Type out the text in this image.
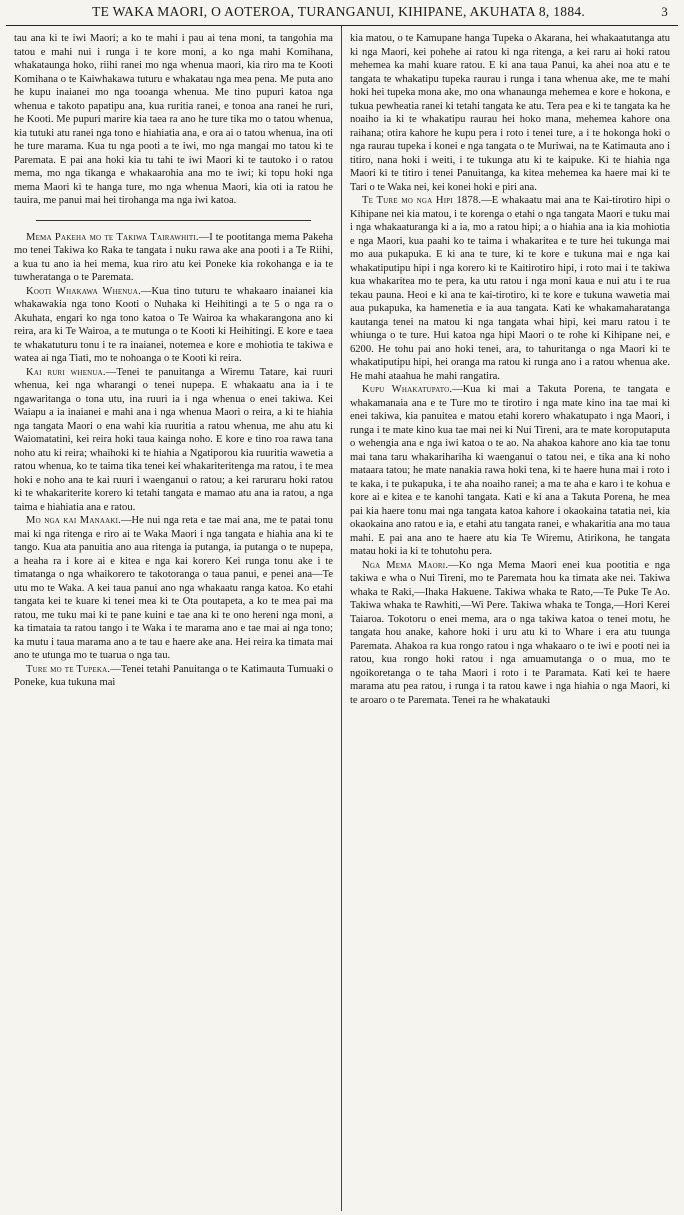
TE WAKA MAORI, O AOTEROA, TURANGANUI, KIHIPANE, AKUHATA 8, 1884.	3

tau ana ki te iwi Maori; a ko te mahi i pau ai tena moni, ta tangohia ma tatou e mahi nui i runga i te kore moni, a ko nga mahi Komihana, whakataunga hoko, riihi ranei mo nga whenua maori, kia riro ma te Kooti Komihana o te Kaiwhakawa tuturu e whakatau nga mea pena. Me puta ano he kupu inaianei mo nga tooanga whenua. Me tino pupuri katoa nga whenua e takoto papatipu ana, kua ruritia ranei, e tonoa ana ranei he ruri, he Kooti. Me pupuri marire kia taea ra ano he ture tika mo o tatou whenua, kia tutuki atu ranei nga tono e hiahiatia ana, e ora ai o tatou whenua, ina oti he ture marama. Kua tu nga pooti a te iwi, mo nga mangai mo tatou ki te Paremata. E pai ana hoki kia tu tahi te iwi Maori ki te tautoko i o ratou mema, mo nga tikanga e whakaarohia ana mo te iwi; ki topu hoki nga mema Maori ki te hanga ture, mo nga whenua Maori, kia oti ia ratou he tauira, me panui mai hei tirohanga ma nga iwi katoa.

Mema Pakeha mo te Takiwa Tairawhiti.—I te pootitanga mema Pakeha mo tenei Takiwa ko Raka te tangata i nuku rawa ake ana pooti i a Te Riihi, a kua tu ano ia hei mema, kua riro atu kei Poneke kia rokohanga e ia te tuwheratanga o te Paremata.

Kooti Whakawa Whenua.—Kua tino tuturu te whakaaro inaianei kia whakawakia nga tono Kooti o Nuhaka ki Heihitingi a te 5 o nga ra o Akuhata, engari ko nga tono katoa o Te Wairoa ka whakarangona ano ki reira, ara ki Te Wairoa, a te mutunga o te Kooti ki Heihitingi. E kore e taea te whakatuturu tonu i te ra inaianei, notemea e kore e mohiotia te takiwa e watea ai nga Tiati, mo te nohoanga o te Kooti ki reira.

Kai ruri whenua.—Tenei te panuitanga a Wiremu Tatare, kai ruuri whenua, kei nga wharangi o tenei nupepa. E whakaatu ana ia i te ngawaritanga o tona utu, ina ruuri ia i nga whenua o enei takiwa. Kei Waiapu a ia inaianei e mahi ana i nga whenua Maori o reira, a ki te hiahia nga tangata Maori o ena wahi kia ruuritia a ratou whenua, me ahu atu ki Waiomatatini, kei reira hoki taua kainga noho. E kore e tino roa rawa tana noho atu ki reira; whaihoki ki te hiahia a Ngatiporou kia ruuritia wawetia a ratou whenua, ko te taima tika tenei kei whakariteritenga ma ratou, i te mea hoki e noho ana te kai ruuri i waenganui o ratou; a kei raruraru hoki ratou ki te whakariterite korero ki tetahi tangata e mamao atu ana ia ratou, a nga taima e hiahiatia ana e ratou.

Mo nga kai Manaaki.—He nui nga reta e tae mai ana, me te patai tonu mai ki nga ritenga e riro ai te Waka Maori i nga tangata e hiahia ana ki te tango. Kua ata panuitia ano aua ritenga ia putanga, ia putanga o te nupepa, a heaha ra i kore ai e kitea e nga kai korero Kei runga tonu ake i te timatanga o nga whaikorero te takotoranga o taua panui, e penei ana—Te utu mo te Waka. A kei taua panui ano nga whakaatu ranga katoa. Ko etahi tangata kei te kuare ki tenei mea ki te Ota poutapeta, a ko te mea pai ma ratou, me tuku mai ki te pane kuini e tae ana ki te ono hereni nga moni, a ka timataia ta ratou tango i te Waka i te marama ano e tae mai ai nga tono; ka mutu i taua marama ano a te tau e haere ake ana. Hei reira ka timata mai ano te utunga mo te tuarua o nga tau.

Ture mo te Tupeka.—Tenei tetahi Panuitanga o te Katimauta Tumuaki o Poneke, kua tukuna mai

kia matou, o te Kamupane hanga Tupeka o Akarana, hei whakaatutanga atu ki nga Maori, kei pohehe ai ratou ki nga ritenga, a kei raru ai hoki ratou mehemea ka mahi kuare ratou. E ki ana taua Panui, ka ahei noa atu e te tangata te whakatipu tupeka raurau i runga i tana whenua ake, me te mahi hoki hei tupeka mona ake, mo ona whanaunga mehemea e kore e hokona, e tukua pewheatia ranei ki tetahi tangata ke atu. Tera pea e ki te tangata ka he noaiho ia ki te whakatipu raurau hei hoko mana, mehemea kahore ona raihana; otira kahore he kupu pera i roto i tenei ture, a i te hokonga hoki o nga raurau tupeka i konei e nga tangata o te Muriwai, na te Katimauta ano i titiro, nana hoki i weiti, i te tukunga atu ki te kaipuke. Ki te hiahia nga Maori ki te titiro i tenei Panuitanga, ka kitea mehemea ka haere mai ki te Tari o te Waka nei, kei konei hoki e piri ana.

Te Ture mo nga Hipi 1878.—E whakaatu mai ana te Kai-tirotiro hipi o Kihipane nei kia matou, i te korenga o etahi o nga tangata Maori e tuku mai i nga whakaaturanga ki a ia, mo a ratou hipi; a o hiahia ana ia kia mohiotia e nga Maori, kua paahi ko te taima i whakaritea e te ture hei tukunga mai mo aua pukapuka. E ki ana te ture, ki te kore e tukuna mai e nga kai whakatiputipu hipi i nga korero ki te Kaitirotiro hipi, i roto mai i te takiwa kua whakaritea mo te pera, ka utu ratou i nga moni kaua e nui atu i te rua tekau pauna. Heoi e ki ana te kai-tirotiro, ki te kore e tukuna wawetia mai aua pukapuka, ka hamenetia e ia aua tangata. Kati ke whakamaharatanga kautanga tenei na matou ki nga tangata whai hipi, kei maru ratou i te whiunga o te ture. Hui katoa nga hipi Maori o te rohe ki Kihipane nei, e 6200. He tohu pai ano hoki tenei, ara, to tahuritanga o nga Maori ki te whakatiputipu hipi, hei oranga ma ratou ki runga ano i a ratou whenua ake. He mahi ataahua he mahi rangatira.

Kupu Whakatupato.—Kua ki mai a Takuta Porena, te tangata e whakamanaia ana e te Ture mo te tirotiro i nga mate kino ina tae mai ki enei takiwa, kia panuitea e matou etahi korero whakatupato i nga Maori, i runga i te mate kino kua tae mai nei ki Nui Tireni, ara te mate koroputaputa o wehengia ana e nga iwi katoa o te ao. Na ahakoa kahore ano kia tae tonu mai tana taru whakarihariha ki waenganui o tatou nei, e tika ana ki noho mataara tatou; he mate nanakia rawa hoki tena, ki te haere huna mai i roto i te kaka, i te pukapuka, i te aha noaiho ranei; a ma te aha e karo i te kohua e kore ai e kitea e te kanohi tangata. Kati e ki ana a Takuta Porena, he mea pai kia haere tonu mai nga tangata katoa kahore i okaokaina tatatia nei, kia okaokaina ano ratou e ia, e etahi atu tangata ranei, e whakaritia ana mo taua mahi. E pai ana ano te haere atu kia Te Wiremu, Atirikona, he tangata matau hoki ia ki te tohutohu pera.

Nga Mema Maori.—Ko nga Mema Maori enei kua pootitia e nga takiwa e wha o Nui Tireni, mo te Paremata hou ka timata ake nei. Takiwa whaka te Raki,—Ihaka Hakuene. Takiwa whaka te Rato,—Te Puke Te Ao. Takiwa whaka te Rawhiti,—Wi Pere. Takiwa whaka te Tonga,—Hori Kerei Taiaroa. Tokotoru o enei mema, ara o nga takiwa katoa o tenei motu, he tangata hou anake, kahore hoki i uru atu ki to Whare i era atu tuunga Paremata. Ahakoa ra kua rongo ratou i nga whakaaro o te iwi e pooti nei ia ratou, kua rongo hoki ratou i nga amuamutanga o o mua, mo te ngoikoretanga o te taha Maori i roto i te Paramata. Kati kei te haere marama atu pea ratou, i runga i ta ratou kawe i nga hiahia o nga Maori, ki te aroaro o te Paremata. Tenei ra he whakatauki
